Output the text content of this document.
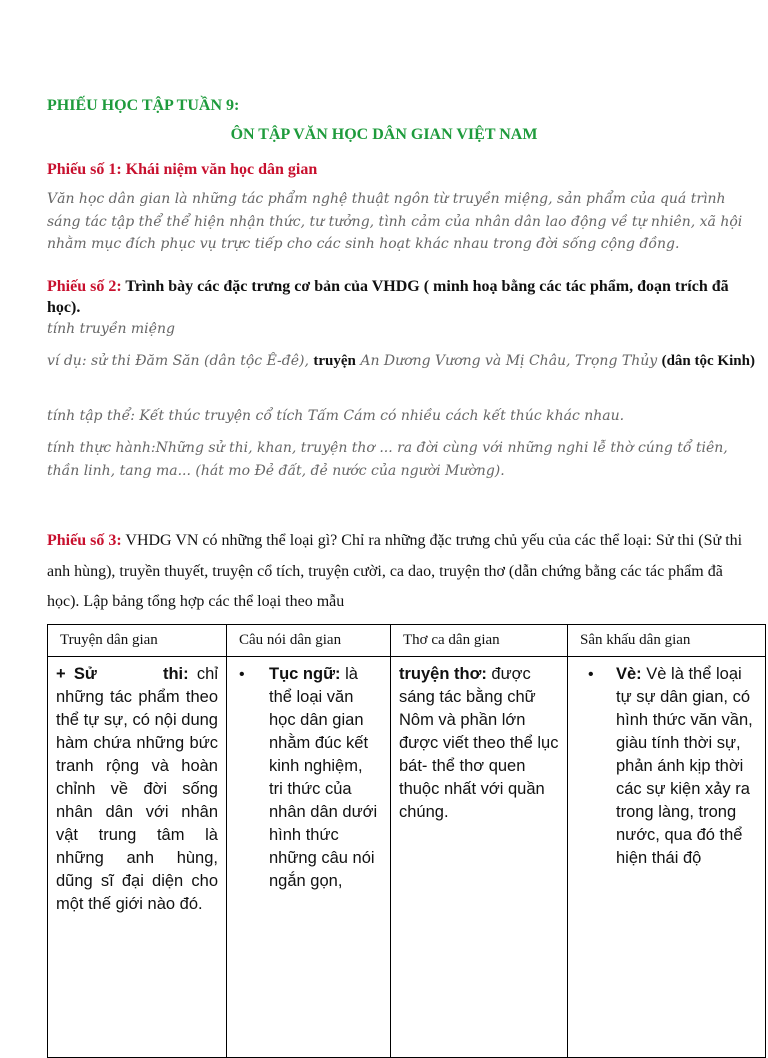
PHIẾU HỌC TẬP TUẦN 9:
ÔN TẬP VĂN HỌC DÂN GIAN VIỆT NAM
Phiếu số 1: Khái niệm văn học dân gian
Văn học dân gian là những tác phẩm nghệ thuật ngôn từ truyền miệng, sản phẩm của quá trình sáng tác tập thể thể hiện nhận thức, tư tưởng, tình cảm của nhân dân lao động về tự nhiên, xã hội nhằm mục đích phục vụ trực tiếp cho các sinh hoạt khác nhau trong đời sống cộng đồng.
Phiếu số 2: Trình bày các đặc trưng cơ bản của VHDG ( minh hoạ bằng các tác phẩm, đoạn trích đã học).
tính truyền miệng
ví dụ: sử thi Đăm Săn (dân tộc Ê-đê), truyện An Dương Vương và Mị Châu, Trọng Thủy (dân tộc Kinh)
tính tập thể: Kết thúc truyện cổ tích Tấm Cám có nhiều cách kết thúc khác nhau.
tính thực hành:Những sử thi, khan, truyện thơ ... ra đời cùng với những nghi lễ thờ cúng tổ tiên, thần linh, tang ma... (hát mo Đẻ đất, đẻ nước của người Mường).
Phiếu số 3: VHDG VN có những thể loại gì? Chỉ ra những đặc trưng chủ yếu của các thể loại: Sử thi (Sử thi anh hùng), truyền thuyết, truyện cổ tích, truyện cười, ca dao, truyện thơ (dẫn chứng bằng các tác phẩm đã học). Lập bảng tổng hợp các thể loại theo mẫu
Truyện dân gian	Câu nói dân gian	Thơ ca dân gian	Sân khấu dân gian

+ Sử        thi: chỉ những tác phẩm theo thể tự sự, có nội dung hàm chứa những bức tranh rộng và hoàn chỉnh về đời sống nhân dân với nhân vật trung tâm là những anh hùng, dũng sĩ đại diện cho một thế giới nào đó.	• Tục ngữ: là thể loại văn học dân gian nhằm đúc kết kinh nghiệm, tri thức của nhân dân dưới hình thức những câu nói ngắn gọn,	truyện thơ: được sáng tác bằng chữ Nôm và phần lớn được viết theo thể lục bát- thể thơ quen thuộc nhất với quần chúng.	• Vè: Vè là thể loại tự sự dân gian, có hình thức văn vần, giàu tính thời sự, phản ánh kịp thời các sự kiện xảy ra trong làng, trong nước, qua đó thể hiện thái độ
